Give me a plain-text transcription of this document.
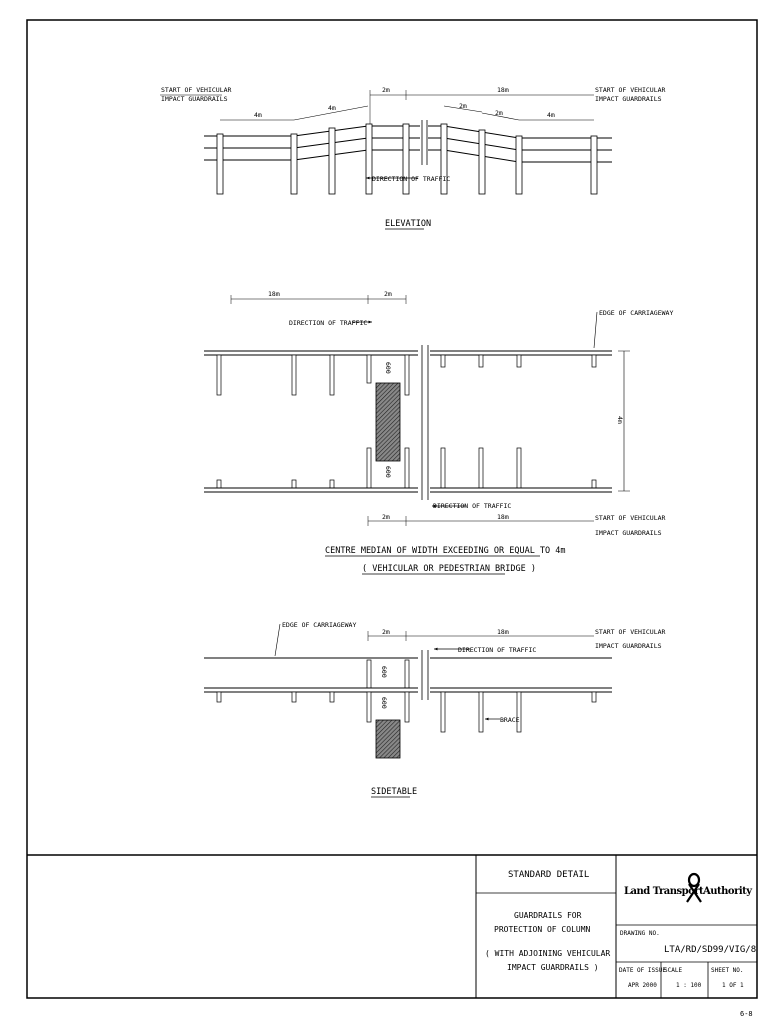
START OF VEHICULAR
IMPACT GUARDRAILS
START OF VEHICULAR
IMPACT GUARDRAILS
2m	18m
4m
4m	2m
2m	4m
DIRECTION OF TRAFFIC
ELEVATION
18m	2m
DIRECTION OF TRAFFIC
EDGE OF CARRIAGEWAY
600
600
4m
DIRECTION OF TRAFFIC
2m	18m	START OF VEHICULAR
IMPACT GUARDRAILS
CENTRE MEDIAN OF WIDTH EXCEEDING OR EQUAL TO 4m
( VEHICULAR OR PEDESTRIAN BRIDGE )
EDGE OF CARRIAGEWAY
2m	18m	START OF VEHICULAR
IMPACT GUARDRAILS
DIRECTION OF TRAFFIC
600
600
BRACE
SIDETABLE
STANDARD DETAIL
GUARDRAILS FOR
PROTECTION OF COLUMN
( WITH ADJOINING VEHICULAR
IMPACT GUARDRAILS )
Land Transport Authority
DRAWING NO.
LTA/RD/SD99/VIG/8
DATE OF ISSUE
APR 2000
SCALE
1 : 100
SHEET NO.
1 OF 1
6-8
